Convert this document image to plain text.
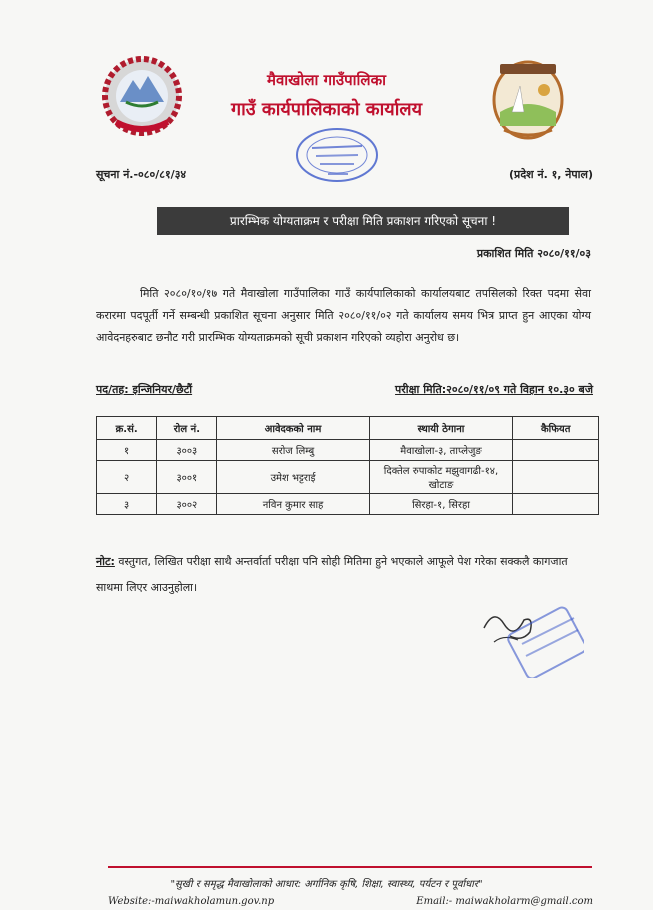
मैवाखोला गाउँपालिका
गाउँ कार्यपालिकाको कार्यालय
सूचना नं.-०८०/८१/३४	(प्रदेश नं. १, नेपाल)
प्रारम्भिक योग्यताक्रम र परीक्षा मिति प्रकाशन गरिएको सूचना !
प्रकाशित मिति २०८०/११/०३
मिति २०८०/१०/१७ गते मैवाखोला गाउँपालिका गाउँ कार्यपालिकाको कार्यालयबाट तपसिलको रिक्त पदमा सेवा करारमा पदपूर्ती गर्ने सम्बन्धी प्रकाशित सूचना अनुसार मिति २०८०/११/०२ गते कार्यालय समय भित्र प्राप्त हुन आएका योग्य आवेदनहरुबाट छनौट गरी प्रारम्भिक योग्यताक्रमको सूची प्रकाशन गरिएको व्यहोरा अनुरोध छ।
पद/तह: इन्जिनियर/छैटौं	परीक्षा मिति:२०८०/११/०९ गते विहान १०.३० बजे
क्र.सं.	रोल नं.	आवेदकको नाम	स्थायी ठेगाना	कैफियत
१	३००३	सरोज लिम्बु	मैवाखोला-३, ताप्लेजुङ	
२	३००१	उमेश भट्टराई	दिक्तेल रुपाकोट मझुवागढी-१४, खोटाङ	
३	३००२	नविन कुमार साह	सिरहा-१, सिरहा	
नोट: वस्तुगत, लिखित परीक्षा साथै अन्तर्वार्ता परीक्षा पनि सोही मितिमा हुने भएकाले आफूले पेश गरेका सक्कलै कागजात साथमा लिएर आउनुहोला।
"सुखी र समृद्ध मैवाखोलाको आधार: अर्गानिक कृषि, शिक्षा, स्वास्थ्य, पर्यटन र पूर्वाधार"
Website:-maiwakholamun.gov.np	Email:- maiwakholarm@gmail.com
